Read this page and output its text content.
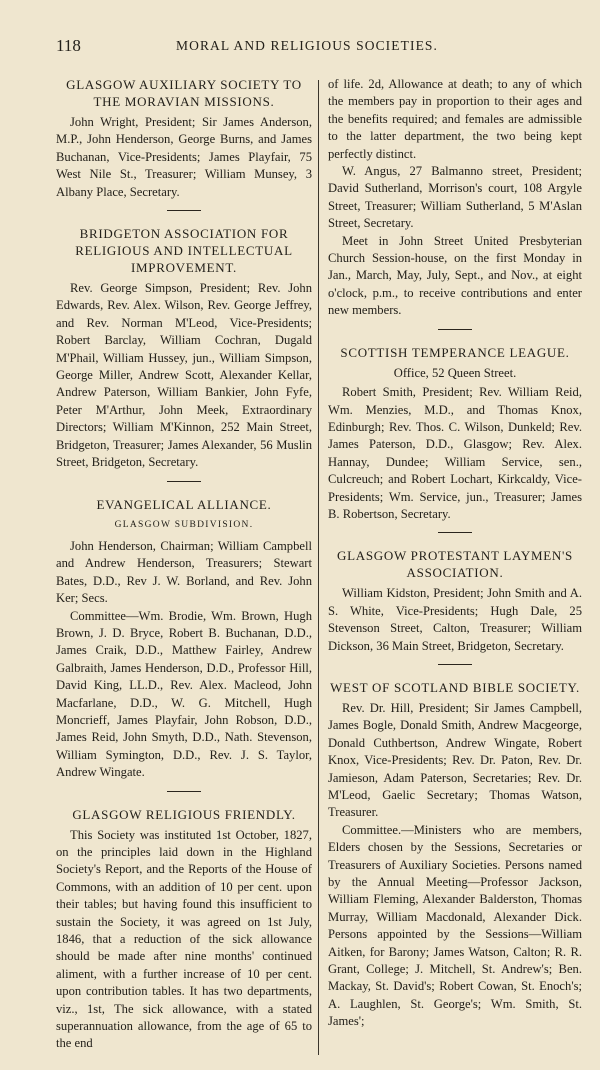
118	MORAL AND RELIGIOUS SOCIETIES.
GLASGOW AUXILIARY SOCIETY TO THE MORAVIAN MISSIONS.

John Wright, President; Sir James Anderson, M.P., John Henderson, George Burns, and James Buchanan, Vice-Presidents; James Playfair, 75 West Nile St., Treasurer; William Munsey, 3 Albany Place, Secretary.

BRIDGETON ASSOCIATION FOR RELIGIOUS AND INTELLECTUAL IMPROVEMENT.

Rev. George Simpson, President; Rev. John Edwards, Rev. Alex. Wilson, Rev. George Jeffrey, and Rev. Norman M'Leod, Vice-Presidents; Robert Barclay, William Cochran, Dugald M'Phail, William Hussey, jun., William Simpson, George Miller, Andrew Scott, Alexander Kellar, Andrew Paterson, William Bankier, John Fyfe, Peter M'Arthur, John Meek, Extraordinary Directors; William M'Kinnon, 252 Main Street, Bridgeton, Treasurer; James Alexander, 56 Muslin Street, Bridgeton, Secretary.

EVANGELICAL ALLIANCE.
GLASGOW SUBDIVISION.

John Henderson, Chairman; William Campbell and Andrew Henderson, Treasurers; Stewart Bates, D.D., Rev J. W. Borland, and Rev. John Ker; Secs.

Committee—Wm. Brodie, Wm. Brown, Hugh Brown, J. D. Bryce, Robert B. Buchanan, D.D., James Craik, D.D., Matthew Fairley, Andrew Galbraith, James Henderson, D.D., Professor Hill, David King, LL.D., Rev. Alex. Macleod, John Macfarlane, D.D., W. G. Mitchell, Hugh Moncrieff, James Playfair, John Robson, D.D., James Reid, John Smyth, D.D., Nath. Stevenson, William Symington, D.D., Rev. J. S. Taylor, Andrew Wingate.

GLASGOW RELIGIOUS FRIENDLY.

This Society was instituted 1st October, 1827, on the principles laid down in the Highland Society's Report, and the Reports of the House of Commons, with an addition of 10 per cent. upon their tables; but having found this insufficient to sustain the Society, it was agreed on 1st July, 1846, that a reduction of the sick allowance should be made after nine months' continued aliment, with a further increase of 10 per cent. upon contribution tables. It has two departments, viz., 1st, The sick allowance, with a stated superannuation allowance, from the age of 65 to the end

of life. 2d, Allowance at death; to any of which the members pay in proportion to their ages and the benefits required; and females are admissible to the latter department, the two being kept perfectly distinct.

W. Angus, 27 Balmanno street, President; David Sutherland, Morrison's court, 108 Argyle Street, Treasurer; William Sutherland, 5 M'Aslan Street, Secretary.

Meet in John Street United Presbyterian Church Session-house, on the first Monday in Jan., March, May, July, Sept., and Nov., at eight o'clock, p.m., to receive contributions and enter new members.

SCOTTISH TEMPERANCE LEAGUE.
Office, 52 Queen Street.

Robert Smith, President; Rev. William Reid, Wm. Menzies, M.D., and Thomas Knox, Edinburgh; Rev. Thos. C. Wilson, Dunkeld; Rev. James Paterson, D.D., Glasgow; Rev. Alex. Hannay, Dundee; William Service, sen., Culcreuch; and Robert Lochart, Kirkcaldy, Vice-Presidents; Wm. Service, jun., Treasurer; James B. Robertson, Secretary.

GLASGOW PROTESTANT LAYMEN'S ASSOCIATION.

William Kidston, President; John Smith and A. S. White, Vice-Presidents; Hugh Dale, 25 Stevenson Street, Calton, Treasurer; William Dickson, 36 Main Street, Bridgeton, Secretary.

WEST OF SCOTLAND BIBLE SOCIETY.

Rev. Dr. Hill, President; Sir James Campbell, James Bogle, Donald Smith, Andrew Macgeorge, Donald Cuthbertson, Andrew Wingate, Robert Knox, Vice-Presidents; Rev. Dr. Paton, Rev. Dr. Jamieson, Adam Paterson, Secretaries; Rev. Dr. M'Leod, Gaelic Secretary; Thomas Watson, Treasurer.

Committee.—Ministers who are members, Elders chosen by the Sessions, Secretaries or Treasurers of Auxiliary Societies. Persons named by the Annual Meeting—Professor Jackson, William Fleming, Alexander Balderston, Thomas Murray, William Macdonald, Alexander Dick. Persons appointed by the Sessions—William Aitken, for Barony; James Watson, Calton; R. R. Grant, College; J. Mitchell, St. Andrew's; Ben. Mackay, St. David's; Robert Cowan, St. Enoch's; A. Laughlen, St. George's; Wm. Smith, St. James';
